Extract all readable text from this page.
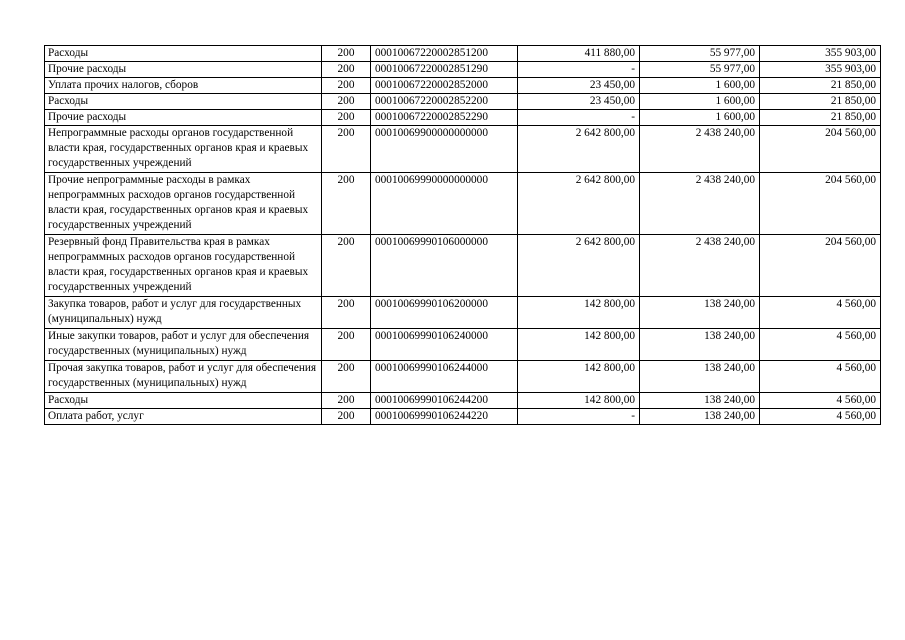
Расходы	200	00010067220002851200	411 880,00	55 977,00	355 903,00
Прочие расходы	200	00010067220002851290	-	55 977,00	355 903,00
Уплата прочих налогов, сборов	200	00010067220002852000	23 450,00	1 600,00	21 850,00
Расходы	200	00010067220002852200	23 450,00	1 600,00	21 850,00
Прочие расходы	200	00010067220002852290	-	1 600,00	21 850,00
Непрограммные расходы органов государственной власти края, государственных органов края и краевых государственных учреждений	200	00010069900000000000	2 642 800,00	2 438 240,00	204 560,00
Прочие непрограммные расходы в рамках непрограммных расходов органов государственной власти края, государственных органов края и краевых государственных учреждений	200	00010069990000000000	2 642 800,00	2 438 240,00	204 560,00
Резервный фонд Правительства края в рамках непрограммных расходов органов государственной власти края, государственных органов края и краевых государственных учреждений	200	00010069990106000000	2 642 800,00	2 438 240,00	204 560,00
Закупка товаров, работ и услуг для государственных (муниципальных) нужд	200	00010069990106200000	142 800,00	138 240,00	4 560,00
Иные закупки товаров, работ и услуг для обеспечения государственных (муниципальных) нужд	200	00010069990106240000	142 800,00	138 240,00	4 560,00
Прочая закупка товаров, работ и услуг для обеспечения государственных (муниципальных) нужд	200	00010069990106244000	142 800,00	138 240,00	4 560,00
Расходы	200	00010069990106244200	142 800,00	138 240,00	4 560,00
Оплата работ, услуг	200	00010069990106244220	-	138 240,00	4 560,00
